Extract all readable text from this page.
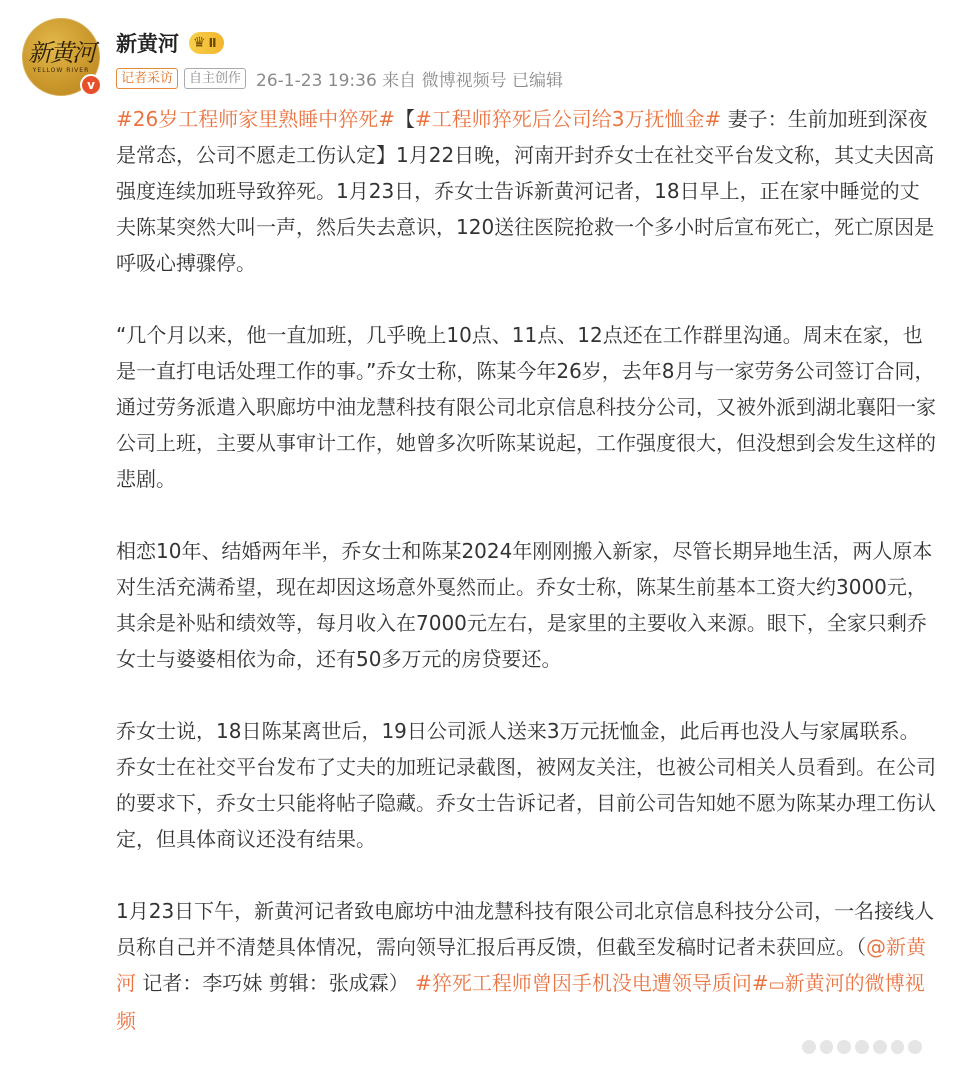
新黄河
YELLOW RIVER
v
新黄河 ♛ Ⅱ
记者采访	自主创作 26-1-23 19:36 来自 微博视频号 已编辑

#26岁工程师家里熟睡中猝死#【#工程师猝死后公司给3万抚恤金# 妻子：生前加班到深夜是常态，公司不愿走工伤认定】1月22日晚，河南开封乔女士在社交平台发文称，其丈夫因高强度连续加班导致猝死。1月23日，乔女士告诉新黄河记者，18日早上，正在家中睡觉的丈夫陈某突然大叫一声，然后失去意识，120送往医院抢救一个多小时后宣布死亡，死亡原因是呼吸心搏骤停。

“几个月以来，他一直加班，几乎晚上10点、11点、12点还在工作群里沟通。周末在家，也是一直打电话处理工作的事。”乔女士称，陈某今年26岁，去年8月与一家劳务公司签订合同，通过劳务派遣入职廊坊中油龙慧科技有限公司北京信息科技分公司，又被外派到湖北襄阳一家公司上班，主要从事审计工作，她曾多次听陈某说起，工作强度很大，但没想到会发生这样的悲剧。

相恋10年、结婚两年半，乔女士和陈某2024年刚刚搬入新家，尽管长期异地生活，两人原本对生活充满希望，现在却因这场意外戛然而止。乔女士称，陈某生前基本工资大约3000元，其余是补贴和绩效等，每月收入在7000元左右，是家里的主要收入来源。眼下，全家只剩乔女士与婆婆相依为命，还有50多万元的房贷要还。

乔女士说，18日陈某离世后，19日公司派人送来3万元抚恤金，此后再也没人与家属联系。乔女士在社交平台发布了丈夫的加班记录截图，被网友关注，也被公司相关人员看到。在公司的要求下，乔女士只能将帖子隐藏。乔女士告诉记者，目前公司告知她不愿为陈某办理工伤认定，但具体商议还没有结果。

1月23日下午，新黄河记者致电廊坊中油龙慧科技有限公司北京信息科技分公司，一名接线人员称自己并不清楚具体情况，需向领导汇报后再反馈，但截至发稿时记者未获回应。（@新黄河 记者：李巧妹 剪辑：张成霖） #猝死工程师曾因手机没电遭领导质问#▭新黄河的微博视频
